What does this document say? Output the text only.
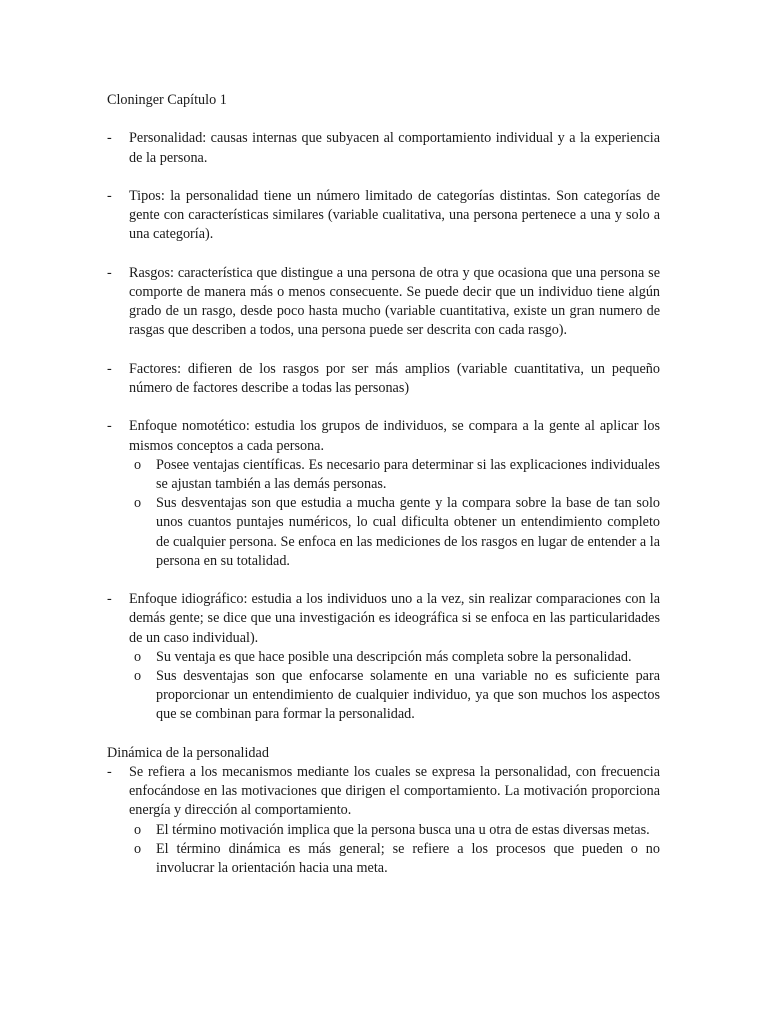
Cloninger Capítulo 1

- Personalidad: causas internas que subyacen al comportamiento individual y a la experiencia de la persona.

- Tipos: la personalidad tiene un número limitado de categorías distintas. Son categorías de gente con características similares (variable cualitativa, una persona pertenece a una y solo a una categoría).

- Rasgos: característica que distingue a una persona de otra y que ocasiona que una persona se comporte de manera más o menos consecuente. Se puede decir que un individuo tiene algún grado de un rasgo, desde poco hasta mucho (variable cuantitativa, existe un gran numero de rasgas que describen a todos, una persona puede ser descrita con cada rasgo).

- Factores: difieren de los rasgos por ser más amplios (variable cuantitativa, un pequeño número de factores describe a todas las personas)

- Enfoque nomotético: estudia los grupos de individuos, se compara a la gente al aplicar los mismos conceptos a cada persona.

o Posee ventajas científicas. Es necesario para determinar si las explicaciones individuales se ajustan también a las demás personas.

o Sus desventajas son que estudia a mucha gente y la compara sobre la base de tan solo unos cuantos puntajes numéricos, lo cual dificulta obtener un entendimiento completo de cualquier persona. Se enfoca en las mediciones de los rasgos en lugar de entender a la persona en su totalidad.

- Enfoque idiográfico: estudia a los individuos uno a la vez, sin realizar comparaciones con la demás gente; se dice que una investigación es ideográfica si se enfoca en las particularidades de un caso individual).

o Su ventaja es que hace posible una descripción más completa sobre la personalidad.

o Sus desventajas son que enfocarse solamente en una variable no es suficiente para proporcionar un entendimiento de cualquier individuo, ya que son muchos los aspectos que se combinan para formar la personalidad.

Dinámica de la personalidad

- Se refiera a los mecanismos mediante los cuales se expresa la personalidad, con frecuencia enfocándose en las motivaciones que dirigen el comportamiento. La motivación proporciona energía y dirección al comportamiento.

o El término motivación implica que la persona busca una u otra de estas diversas metas.

o El término dinámica es más general; se refiere a los procesos que pueden o no involucrar la orientación hacia una meta.
